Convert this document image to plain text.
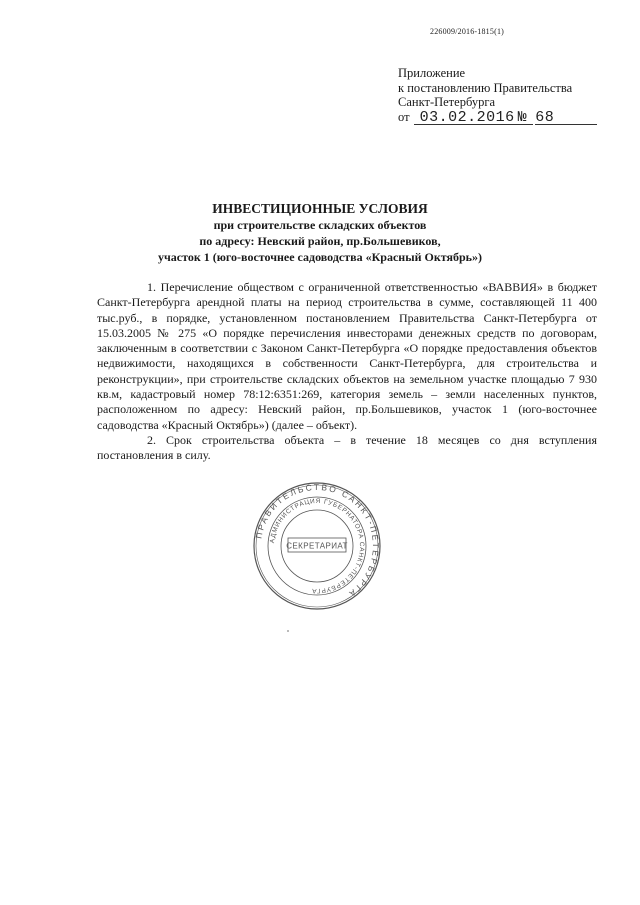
226009/2016-1815(1)
Приложение
к постановлению Правительства
Санкт-Петербурга
от 03.02.2016 № 68
ИНВЕСТИЦИОННЫЕ УСЛОВИЯ
при строительстве складских объектов
по адресу: Невский район, пр.Большевиков,
участок 1 (юго-восточнее садоводства «Красный Октябрь»)

1. Перечисление обществом с ограниченной ответственностью «ВАВВИЯ» в бюджет Санкт-Петербурга арендной платы на период строительства в сумме, составляющей 11 400 тыс.руб., в порядке, установленном постановлением Правительства Санкт-Петербурга от 15.03.2005 № 275 «О порядке перечисления инвесторами денежных средств по договорам, заключенным в соответствии с Законом Санкт-Петербурга «О порядке предоставления объектов недвижимости, находящихся в собственности Санкт-Петербурга, для строительства и реконструкции», при строительстве складских объектов на земельном участке площадью 7 930 кв.м, кадастровый номер 78:12:6351:269, категория земель – земли населенных пунктов, расположенном по адресу: Невский район, пр.Большевиков, участок 1 (юго-восточнее садоводства «Красный Октябрь») (далее – объект).

2. Срок строительства объекта – в течение 18 месяцев со дня вступления постановления в силу.

ПРАВИТЕЛЬСТВО САНКТ-ПЕТЕРБУРГА
АДМИНИСТРАЦИЯ ГУБЕРНАТОРА САНКТ-ПЕТЕРБУРГА
СЕКРЕТАРИАТ
